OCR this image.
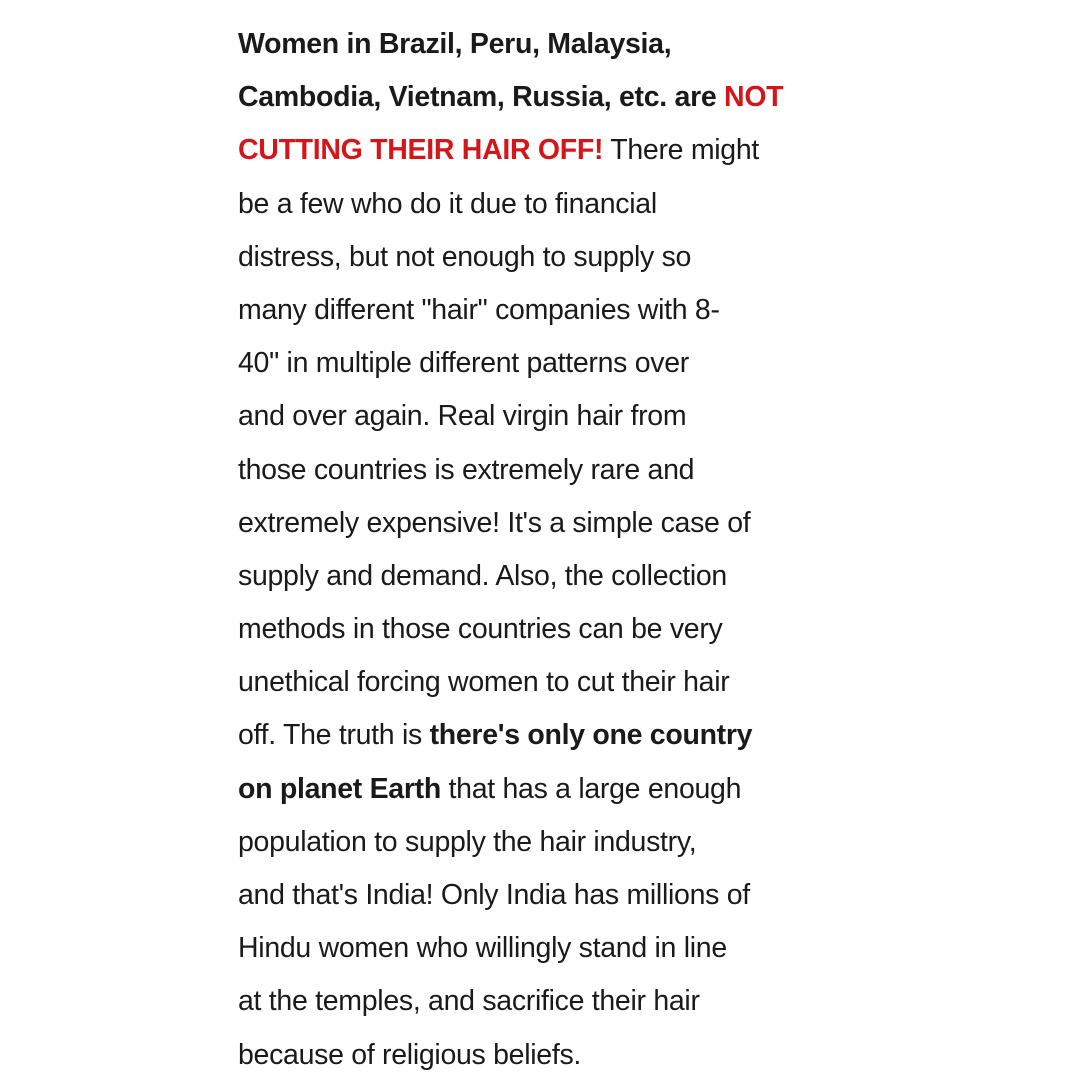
Women in Brazil, Peru, Malaysia,
Cambodia, Vietnam, Russia, etc. are NOT
CUTTING THEIR HAIR OFF! There might
be a few who do it due to financial
distress, but not enough to supply so
many different "hair" companies with 8-
40" in multiple different patterns over
and over again. Real virgin hair from
those countries is extremely rare and
extremely expensive! It's a simple case of
supply and demand. Also, the collection
methods in those countries can be very
unethical forcing women to cut their hair
off. The truth is there's only one country
on planet Earth that has a large enough
population to supply the hair industry,
and that's India! Only India has millions of
Hindu women who willingly stand in line
at the temples, and sacrifice their hair
because of religious beliefs.
